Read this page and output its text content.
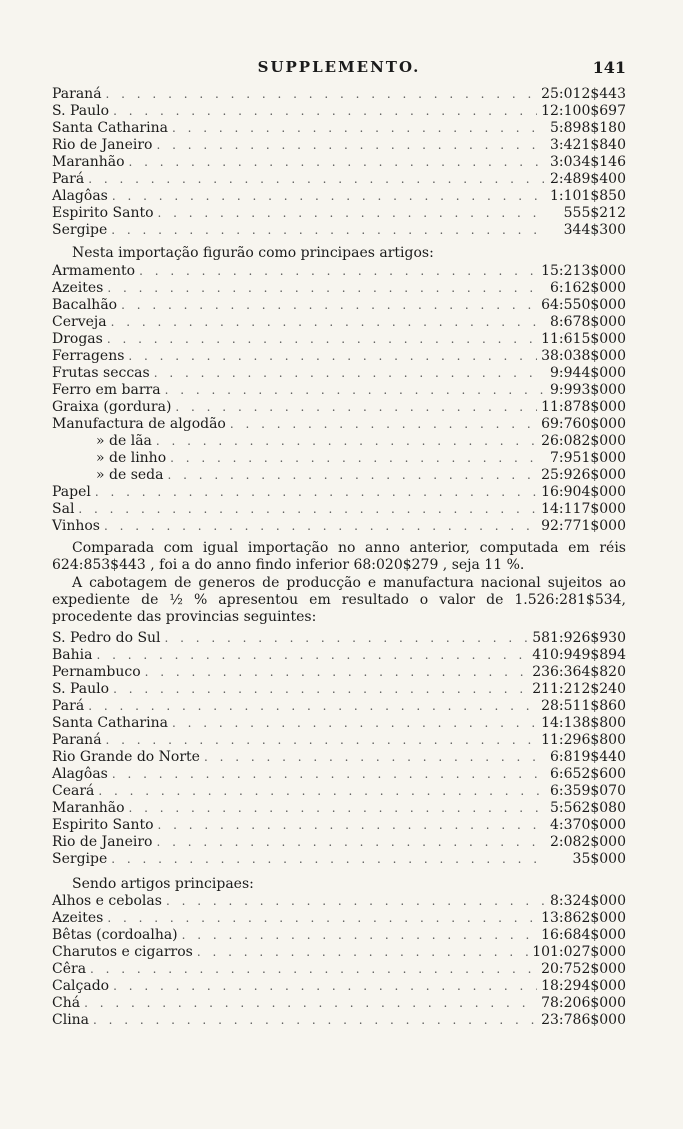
SUPPLEMENTO.	141
Paraná . . .	25:012$443
S. Paulo . . .	12:100$697
Santa Catharina . . .	5:898$180
Rio de Janeiro . . .	3:421$840
Maranhão . . .	3:034$146
Pará . . .	2:489$400
Alagôas . . .	1:101$850
Espirito Santo . . .	555$212
Sergipe . . .	344$300
Nesta importação figurão como principaes artigos:
Armamento . . .	15:213$000
Azeites . . .	6:162$000
Bacalhão . . .	64:550$000
Cerveja . . .	8:678$000
Drogas . . .	11:615$000
Ferragens . . .	38:038$000
Frutas seccas . . .	9:944$000
Ferro em barra . . .	9:993$000
Graixa (gordura) . . .	11:878$000
Manufactura de algodão . . .	69:760$000
» de lãa . . .	26:082$000
» de linho . . .	7:951$000
» de seda . . .	25:926$000
Papel . . .	16:904$000
Sal . . .	14:117$000
Vinhos . . .	92:771$000
Comparada com igual importação no anno anterior, computada em réis 624:853$443 , foi a do anno findo inferior 68:020$279 , seja 11 %.
A cabotagem de generos de producção e manufactura nacional sujeitos ao expediente de ½ % apresentou em resultado o valor de 1.526:281$534, procedente das provincias seguintes:
S. Pedro do Sul . . .	581:926$930
Bahia . . .	410:949$894
Pernambuco . . .	236:364$820
S. Paulo . . .	211:212$240
Pará . . .	28:511$860
Santa Catharina . . .	14:138$800
Paraná . . .	11:296$800
Rio Grande do Norte . . .	6:819$440
Alagôas . . .	6:652$600
Ceará . . .	6:359$070
Maranhão . . .	5:562$080
Espirito Santo . . .	4:370$000
Rio de Janeiro . . .	2:082$000
Sergipe . . .	35$000
Sendo artigos principaes:
Alhos e cebolas . . .	8:324$000
Azeites . . .	13:862$000
Bêtas (cordoalha) . . .	16:684$000
Charutos e cigarros . . .	101:027$000
Cêra . . .	20:752$000
Calçado . . .	18:294$000
Chá . . .	78:206$000
Clina . . .	23:786$000
